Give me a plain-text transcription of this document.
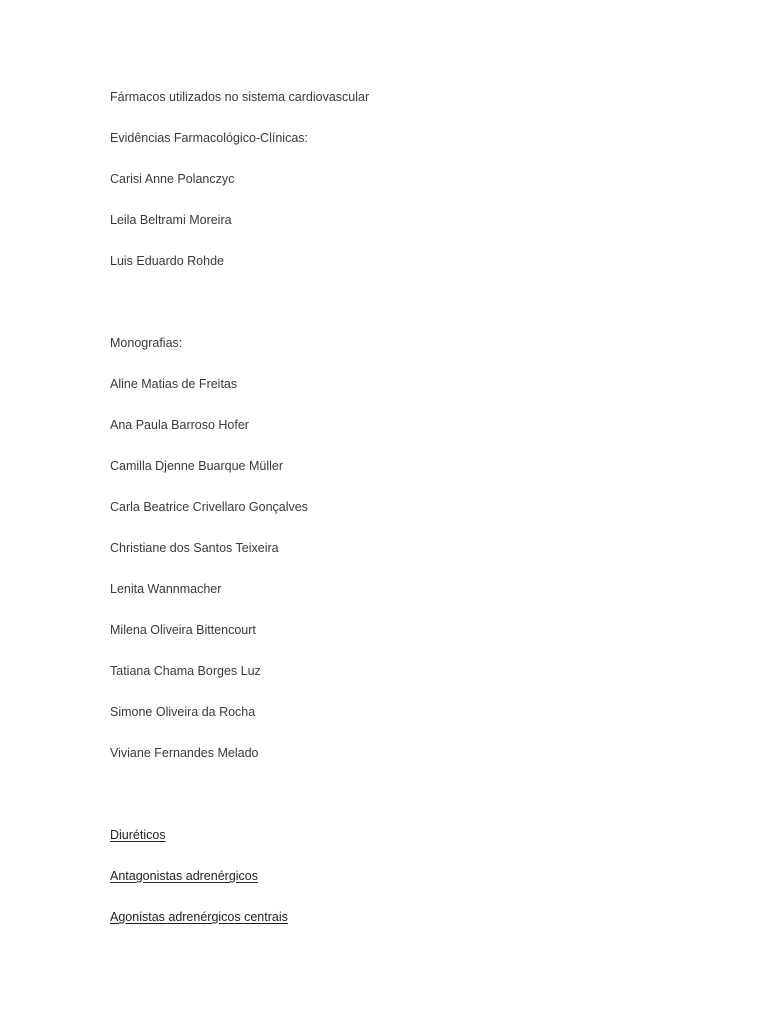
Fármacos utilizados no sistema cardiovascular

Evidências Farmacológico-Clínicas:

Carisi Anne Polanczyc

Leila Beltrami Moreira

Luis Eduardo Rohde

Monografias:

Aline Matias de Freitas

Ana Paula Barroso Hofer

Camilla Djenne Buarque Müller

Carla Beatrice Crivellaro Gonçalves

Christiane dos Santos Teixeira

Lenita Wannmacher

Milena Oliveira Bittencourt

Tatiana Chama Borges Luz

Simone Oliveira da Rocha

Viviane Fernandes Melado

Diuréticos
Antagonistas adrenérgicos
Agonistas adrenérgicos centrais
